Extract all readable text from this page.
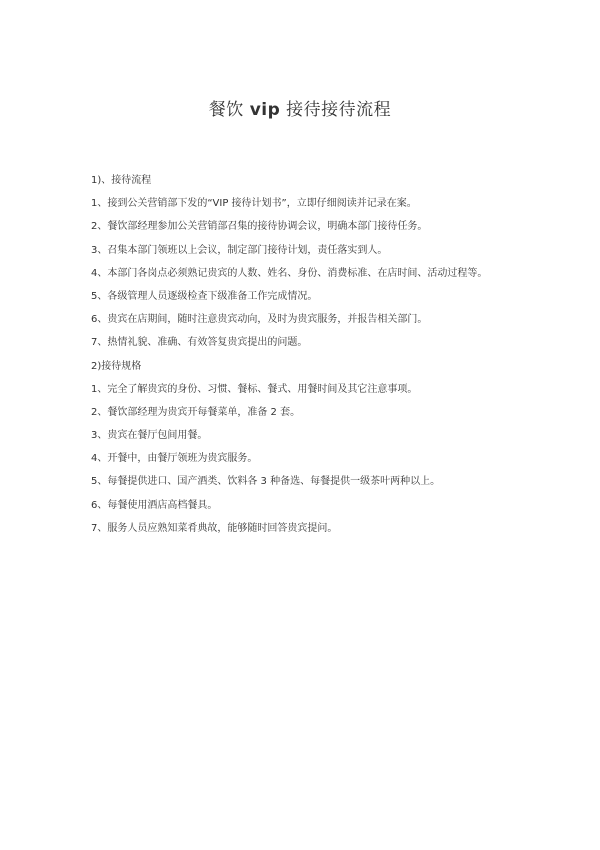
餐饮 vip 接待接待流程
1)、接待流程
1、接到公关营销部下发的“VIP 接待计划书”，立即仔细阅读并记录在案。
2、餐饮部经理参加公关营销部召集的接待协调会议，明确本部门接待任务。
3、召集本部门领班以上会议，制定部门接待计划，责任落实到人。
4、本部门各岗点必须熟记贵宾的人数、姓名、身份、消费标准、在店时间、活动过程等。
5、各级管理人员逐级检查下级准备工作完成情况。
6、贵宾在店期间，随时注意贵宾动向，及时为贵宾服务，并报告相关部门。
7、热情礼貌、准确、有效答复贵宾提出的问题。
2)接待规格
1、完全了解贵宾的身份、习惯、餐标、餐式、用餐时间及其它注意事项。
2、餐饮部经理为贵宾开每餐菜单，准备 2 套。
3、贵宾在餐厅包间用餐。
4、开餐中，由餐厅领班为贵宾服务。
5、每餐提供进口、国产酒类、饮料各 3 种备选、每餐提供一级茶叶两种以上。
6、每餐使用酒店高档餐具。
7、服务人员应熟知菜肴典故，能够随时回答贵宾提问。
